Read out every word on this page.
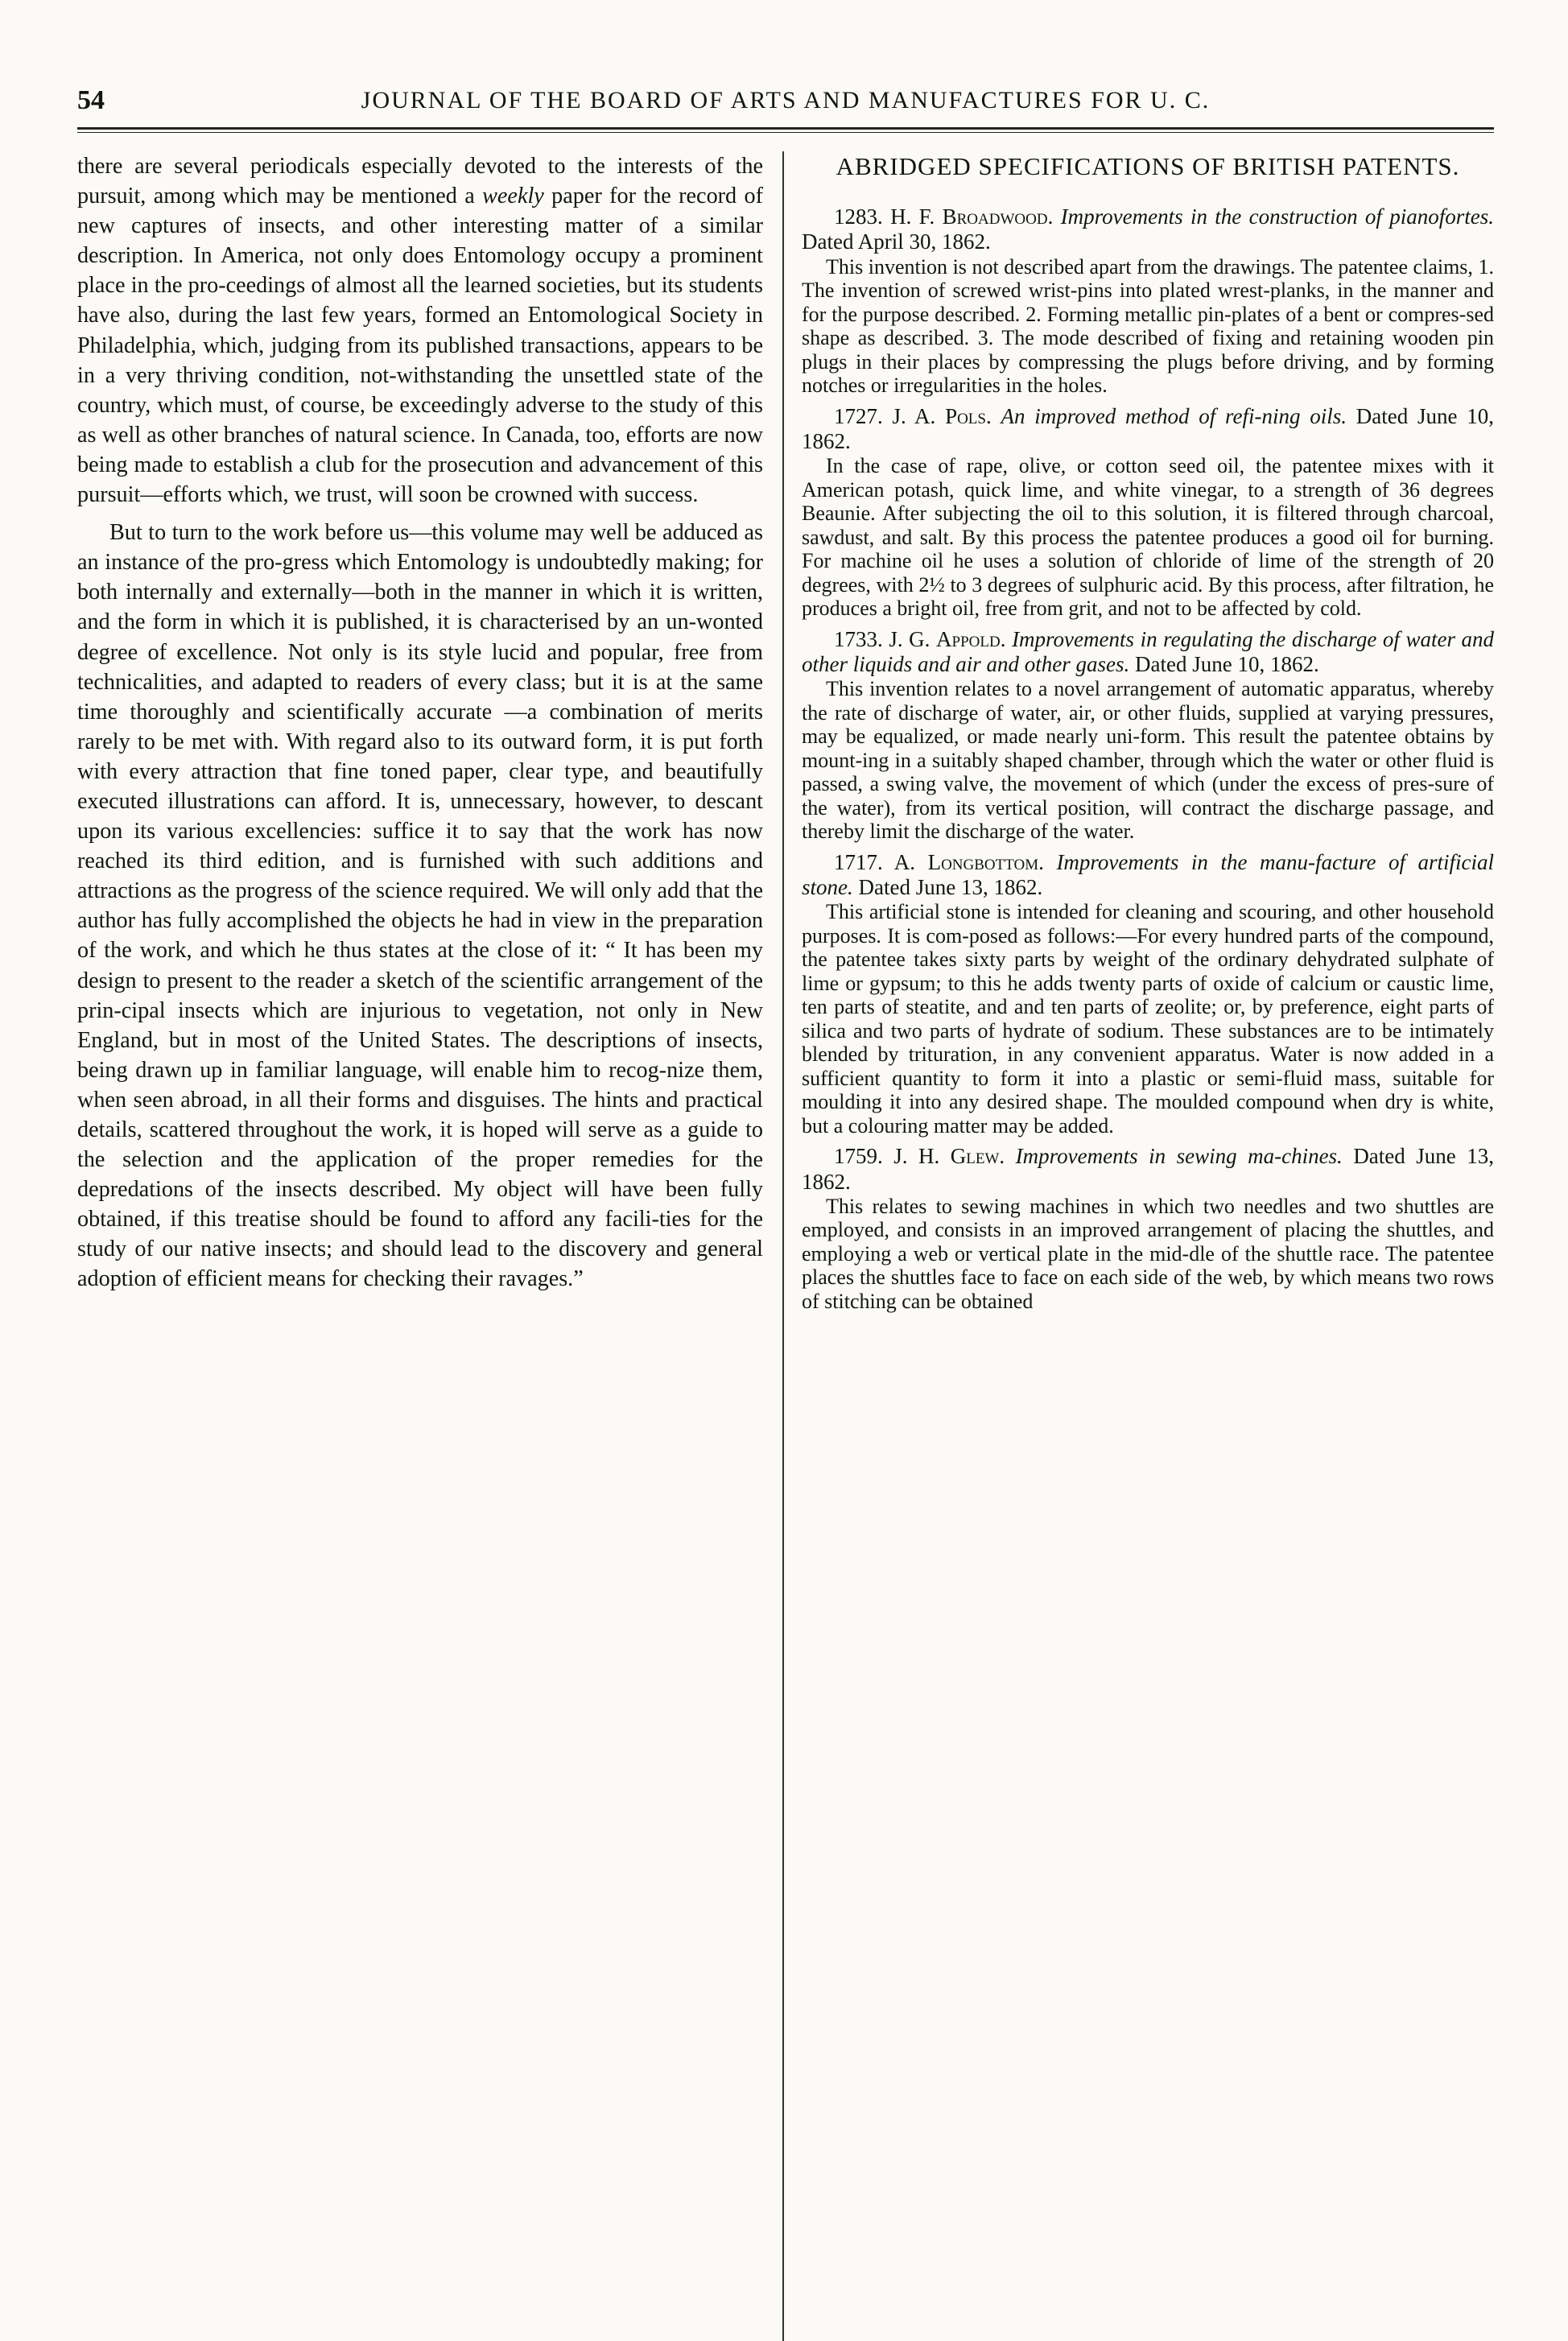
54	JOURNAL OF THE BOARD OF ARTS AND MANUFACTURES FOR U. C.

there are several periodicals especially devoted to the interests of the pursuit, among which may be mentioned a weekly paper for the record of new captures of insects, and other interesting matter of a similar description. In America, not only does Entomology occupy a prominent place in the pro-ceedings of almost all the learned societies, but its students have also, during the last few years, formed an Entomological Society in Philadelphia, which, judging from its published transactions, appears to be in a very thriving condition, not-withstanding the unsettled state of the country, which must, of course, be exceedingly adverse to the study of this as well as other branches of natural science. In Canada, too, efforts are now being made to establish a club for the prosecution and advancement of this pursuit—efforts which, we trust, will soon be crowned with success.

But to turn to the work before us—this volume may well be adduced as an instance of the pro-gress which Entomology is undoubtedly making; for both internally and externally—both in the manner in which it is written, and the form in which it is published, it is characterised by an un-wonted degree of excellence. Not only is its style lucid and popular, free from technicalities, and adapted to readers of every class; but it is at the same time thoroughly and scientifically accurate —a combination of merits rarely to be met with. With regard also to its outward form, it is put forth with every attraction that fine toned paper, clear type, and beautifully executed illustrations can afford. It is, unnecessary, however, to descant upon its various excellencies: suffice it to say that the work has now reached its third edition, and is furnished with such additions and attractions as the progress of the science required. We will only add that the author has fully accomplished the objects he had in view in the preparation of the work, and which he thus states at the close of it: “ It has been my design to present to the reader a sketch of the scientific arrangement of the prin-cipal insects which are injurious to vegetation, not only in New England, but in most of the United States. The descriptions of insects, being drawn up in familiar language, will enable him to recog-nize them, when seen abroad, in all their forms and disguises. The hints and practical details, scattered throughout the work, it is hoped will serve as a guide to the selection and the application of the proper remedies for the depredations of the insects described. My object will have been fully obtained, if this treatise should be found to afford any facili-ties for the study of our native insects; and should lead to the discovery and general adoption of efficient means for checking their ravages.”

ABRIDGED SPECIFICATIONS OF BRITISH PATENTS.

1283. H. F. Broadwood. Improvements in the construction of pianofortes. Dated April 30, 1862.

This invention is not described apart from the drawings. The patentee claims, 1. The invention of screwed wrist-pins into plated wrest-planks, in the manner and for the purpose described. 2. Forming metallic pin-plates of a bent or compres-sed shape as described. 3. The mode described of fixing and retaining wooden pin plugs in their places by compressing the plugs before driving, and by forming notches or irregularities in the holes.

1727. J. A. Pols. An improved method of refi-ning oils. Dated June 10, 1862.

In the case of rape, olive, or cotton seed oil, the patentee mixes with it American potash, quick lime, and white vinegar, to a strength of 36 degrees Beaunie. After subjecting the oil to this solution, it is filtered through charcoal, sawdust, and salt. By this process the patentee produces a good oil for burning. For machine oil he uses a solution of chloride of lime of the strength of 20 degrees, with 2½ to 3 degrees of sulphuric acid. By this process, after filtration, he produces a bright oil, free from grit, and not to be affected by cold.

1733. J. G. Appold. Improvements in regulating the discharge of water and other liquids and air and other gases. Dated June 10, 1862.

This invention relates to a novel arrangement of automatic apparatus, whereby the rate of discharge of water, air, or other fluids, supplied at varying pressures, may be equalized, or made nearly uni-form. This result the patentee obtains by mount-ing in a suitably shaped chamber, through which the water or other fluid is passed, a swing valve, the movement of which (under the excess of pres-sure of the water), from its vertical position, will contract the discharge passage, and thereby limit the discharge of the water.

1717. A. Longbottom. Improvements in the manu-facture of artificial stone. Dated June 13, 1862.

This artificial stone is intended for cleaning and scouring, and other household purposes. It is com-posed as follows:—For every hundred parts of the compound, the patentee takes sixty parts by weight of the ordinary dehydrated sulphate of lime or gypsum; to this he adds twenty parts of oxide of calcium or caustic lime, ten parts of steatite, and and ten parts of zeolite; or, by preference, eight parts of silica and two parts of hydrate of sodium. These substances are to be intimately blended by trituration, in any convenient apparatus. Water is now added in a sufficient quantity to form it into a plastic or semi-fluid mass, suitable for moulding it into any desired shape. The moulded compound when dry is white, but a colouring matter may be added.

1759. J. H. Glew. Improvements in sewing ma-chines. Dated June 13, 1862.

This relates to sewing machines in which two needles and two shuttles are employed, and consists in an improved arrangement of placing the shuttles, and employing a web or vertical plate in the mid-dle of the shuttle race. The patentee places the shuttles face to face on each side of the web, by which means two rows of stitching can be obtained
